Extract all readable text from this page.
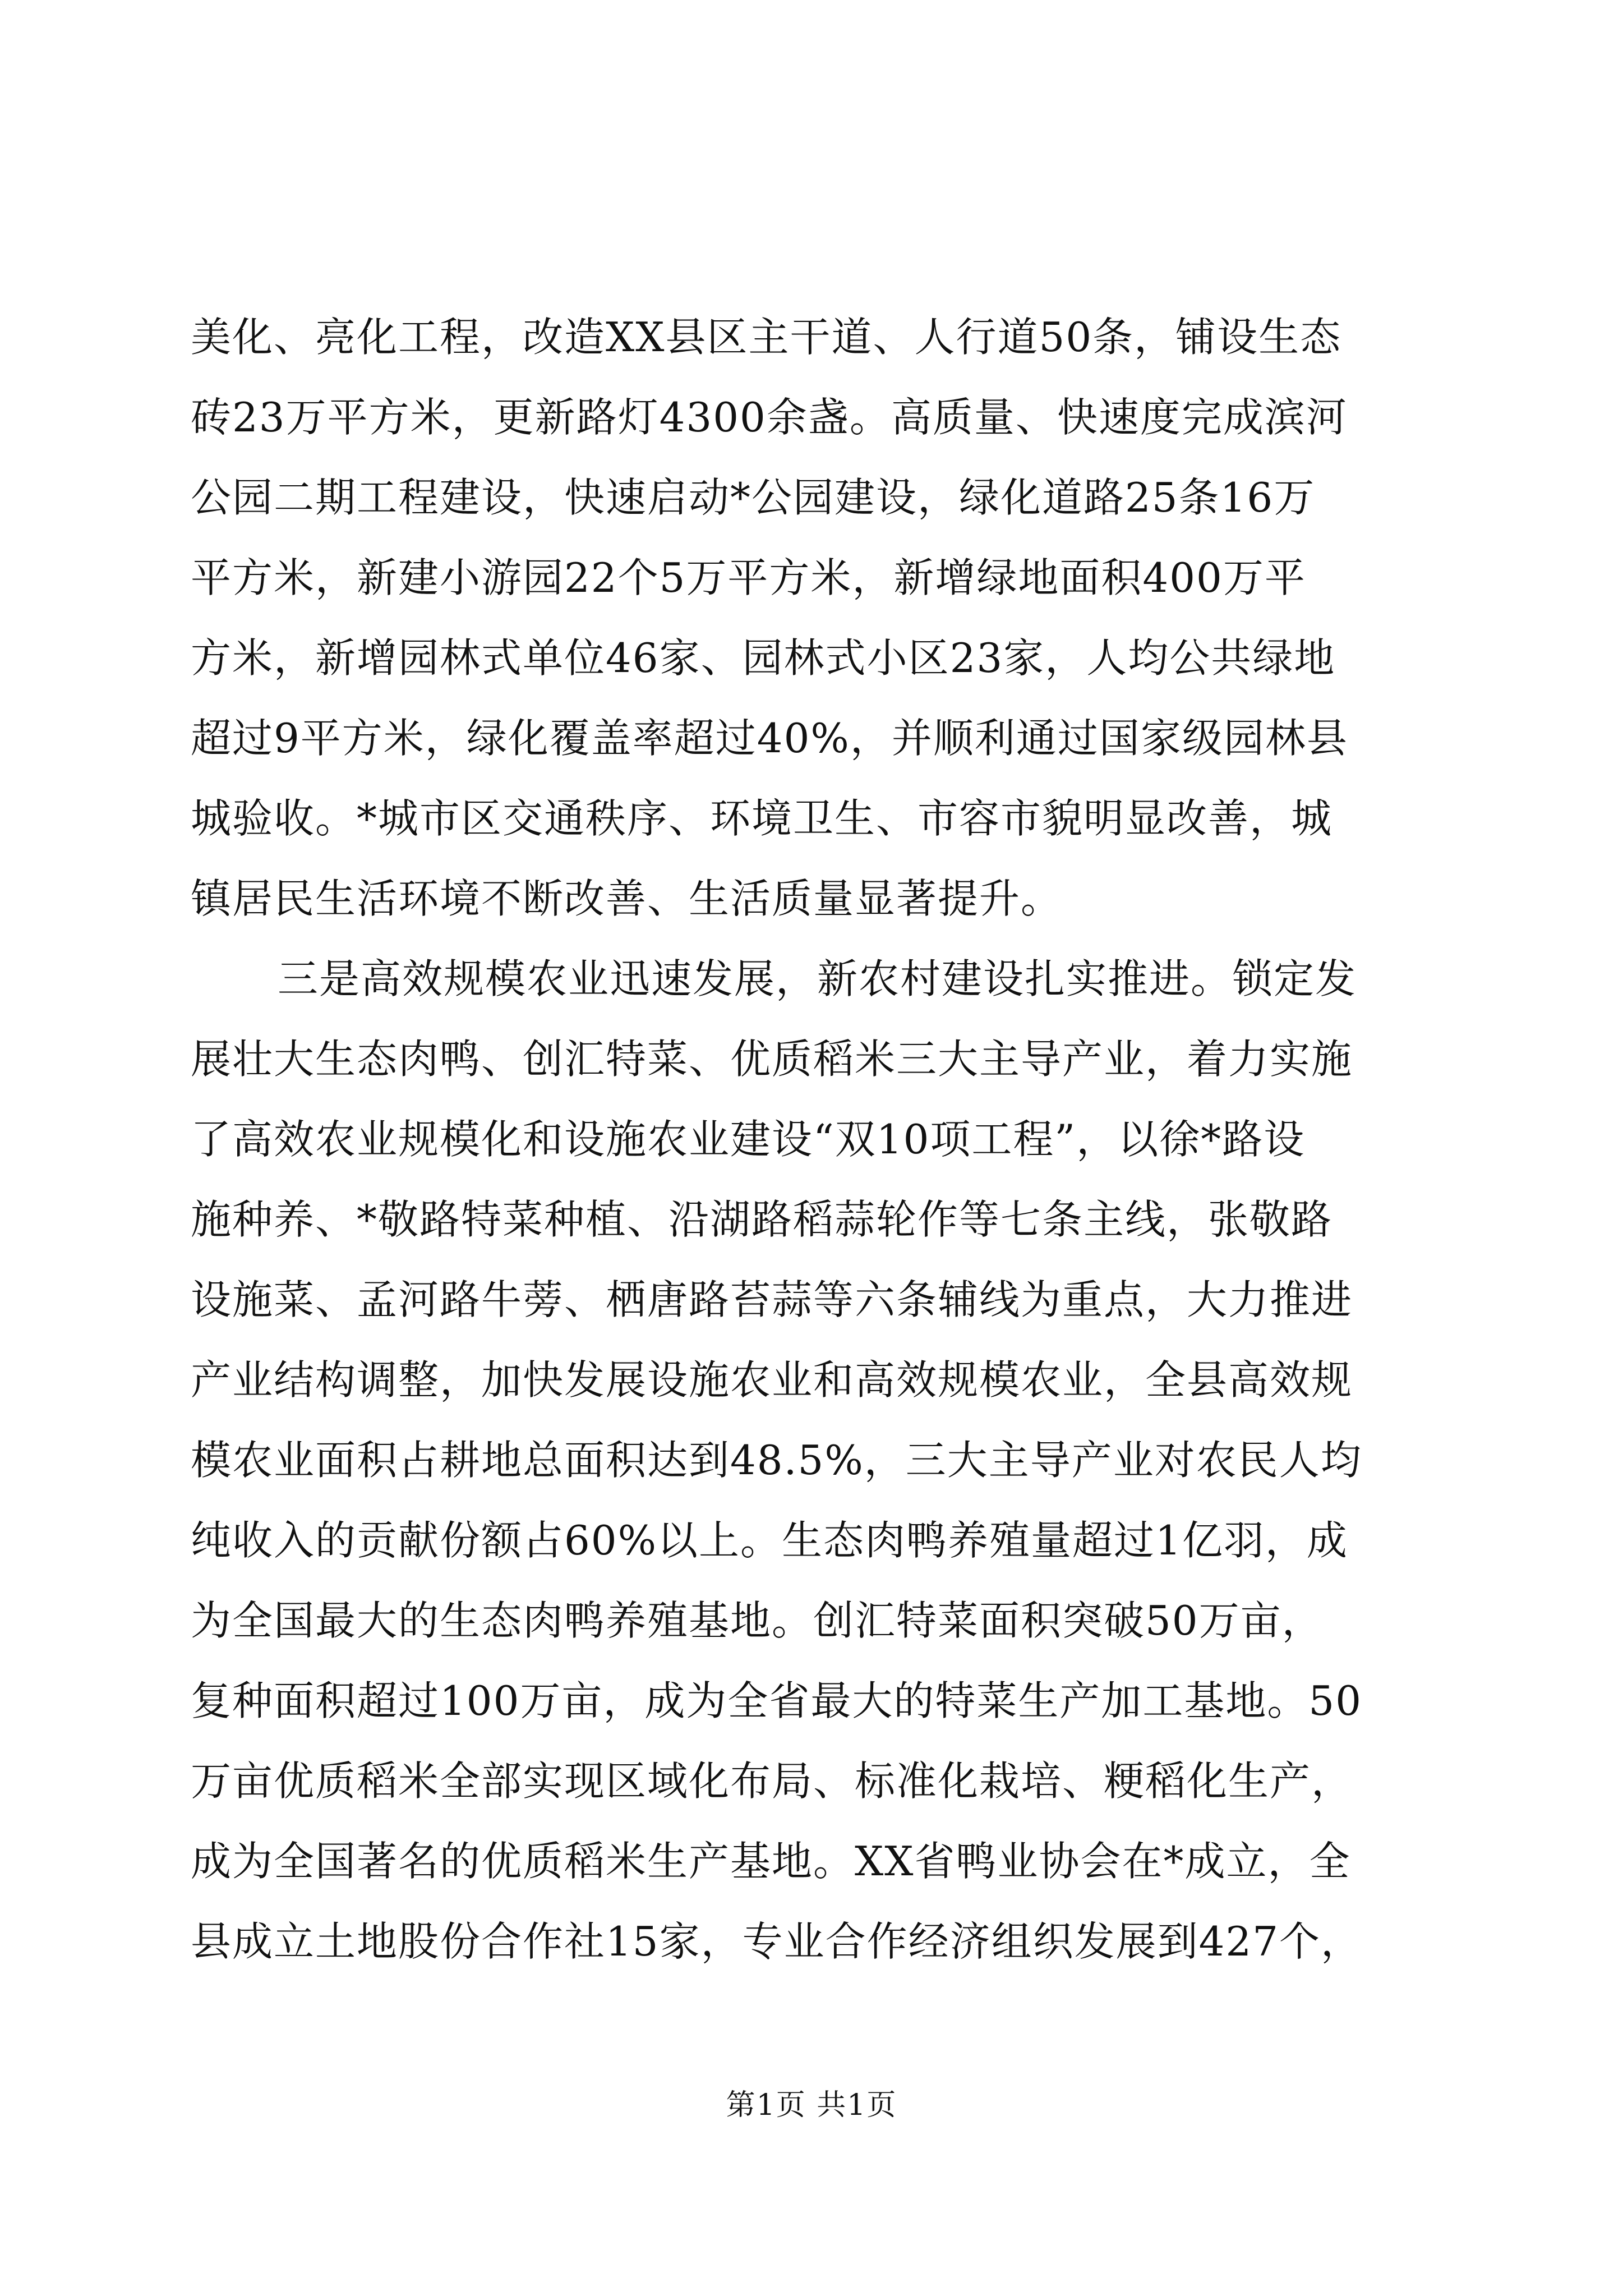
美化、亮化工程，改造XX县区主干道、人行道50条，铺设生态
砖23万平方米，更新路灯4300余盏。高质量、快速度完成滨河
公园二期工程建设，快速启动*公园建设，绿化道路25条16万
平方米，新建小游园22个5万平方米，新增绿地面积400万平
方米，新增园林式单位46家、园林式小区23家，人均公共绿地
超过9平方米，绿化覆盖率超过40%，并顺利通过国家级园林县
城验收。*城市区交通秩序、环境卫生、市容市貌明显改善，城
镇居民生活环境不断改善、生活质量显著提升。
三是高效规模农业迅速发展，新农村建设扎实推进。锁定发
展壮大生态肉鸭、创汇特菜、优质稻米三大主导产业，着力实施
了高效农业规模化和设施农业建设“双10项工程”，以徐*路设
施种养、*敬路特菜种植、沿湖路稻蒜轮作等七条主线，张敬路
设施菜、孟河路牛蒡、栖唐路苔蒜等六条辅线为重点，大力推进
产业结构调整，加快发展设施农业和高效规模农业，全县高效规
模农业面积占耕地总面积达到48.5%，三大主导产业对农民人均
纯收入的贡献份额占60%以上。生态肉鸭养殖量超过1亿羽，成
为全国最大的生态肉鸭养殖基地。创汇特菜面积突破50万亩，
复种面积超过100万亩，成为全省最大的特菜生产加工基地。50
万亩优质稻米全部实现区域化布局、标准化栽培、粳稻化生产，
成为全国著名的优质稻米生产基地。XX省鸭业协会在*成立，全
县成立土地股份合作社15家，专业合作经济组织发展到427个，
第1页 共1页
